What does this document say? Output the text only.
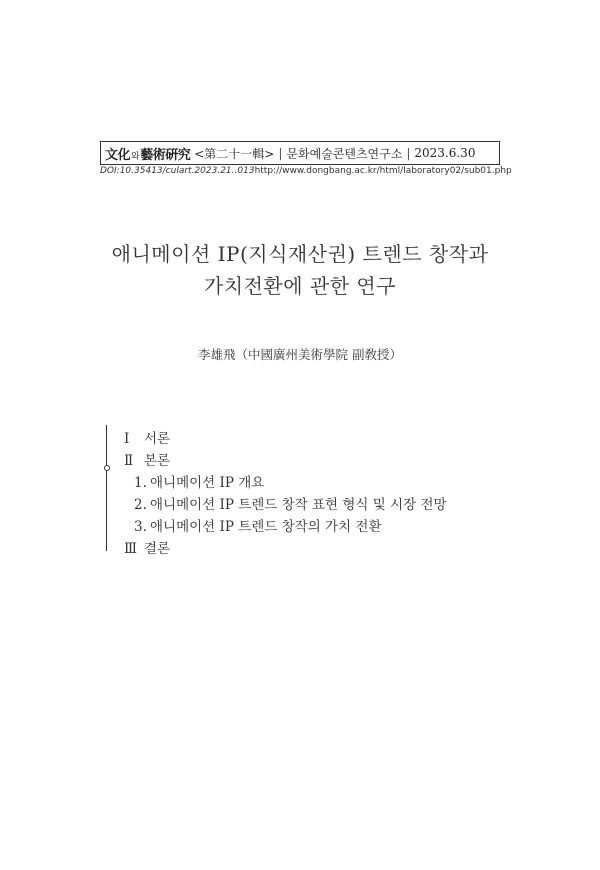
文化와藝術硏究 <第二十一輯> | 문화예술콘텐츠연구소 | 2023.6.30
DOI:10.35413/culart.2023.21..013 http://www.dongbang.ac.kr/html/laboratory02/sub01.php
애니메이션 IP(지식재산권) 트렌드 창작과
가치전환에 관한 연구
李雄飛（中國廣州美術學院 副敎授）
Ⅰ 서론
Ⅱ 본론
1. 애니메이션 IP 개요
2. 애니메이션 IP 트렌드 창작 표현 형식 및 시장 전망
3. 애니메이션 IP 트렌드 창작의 가치 전환
Ⅲ 결론
